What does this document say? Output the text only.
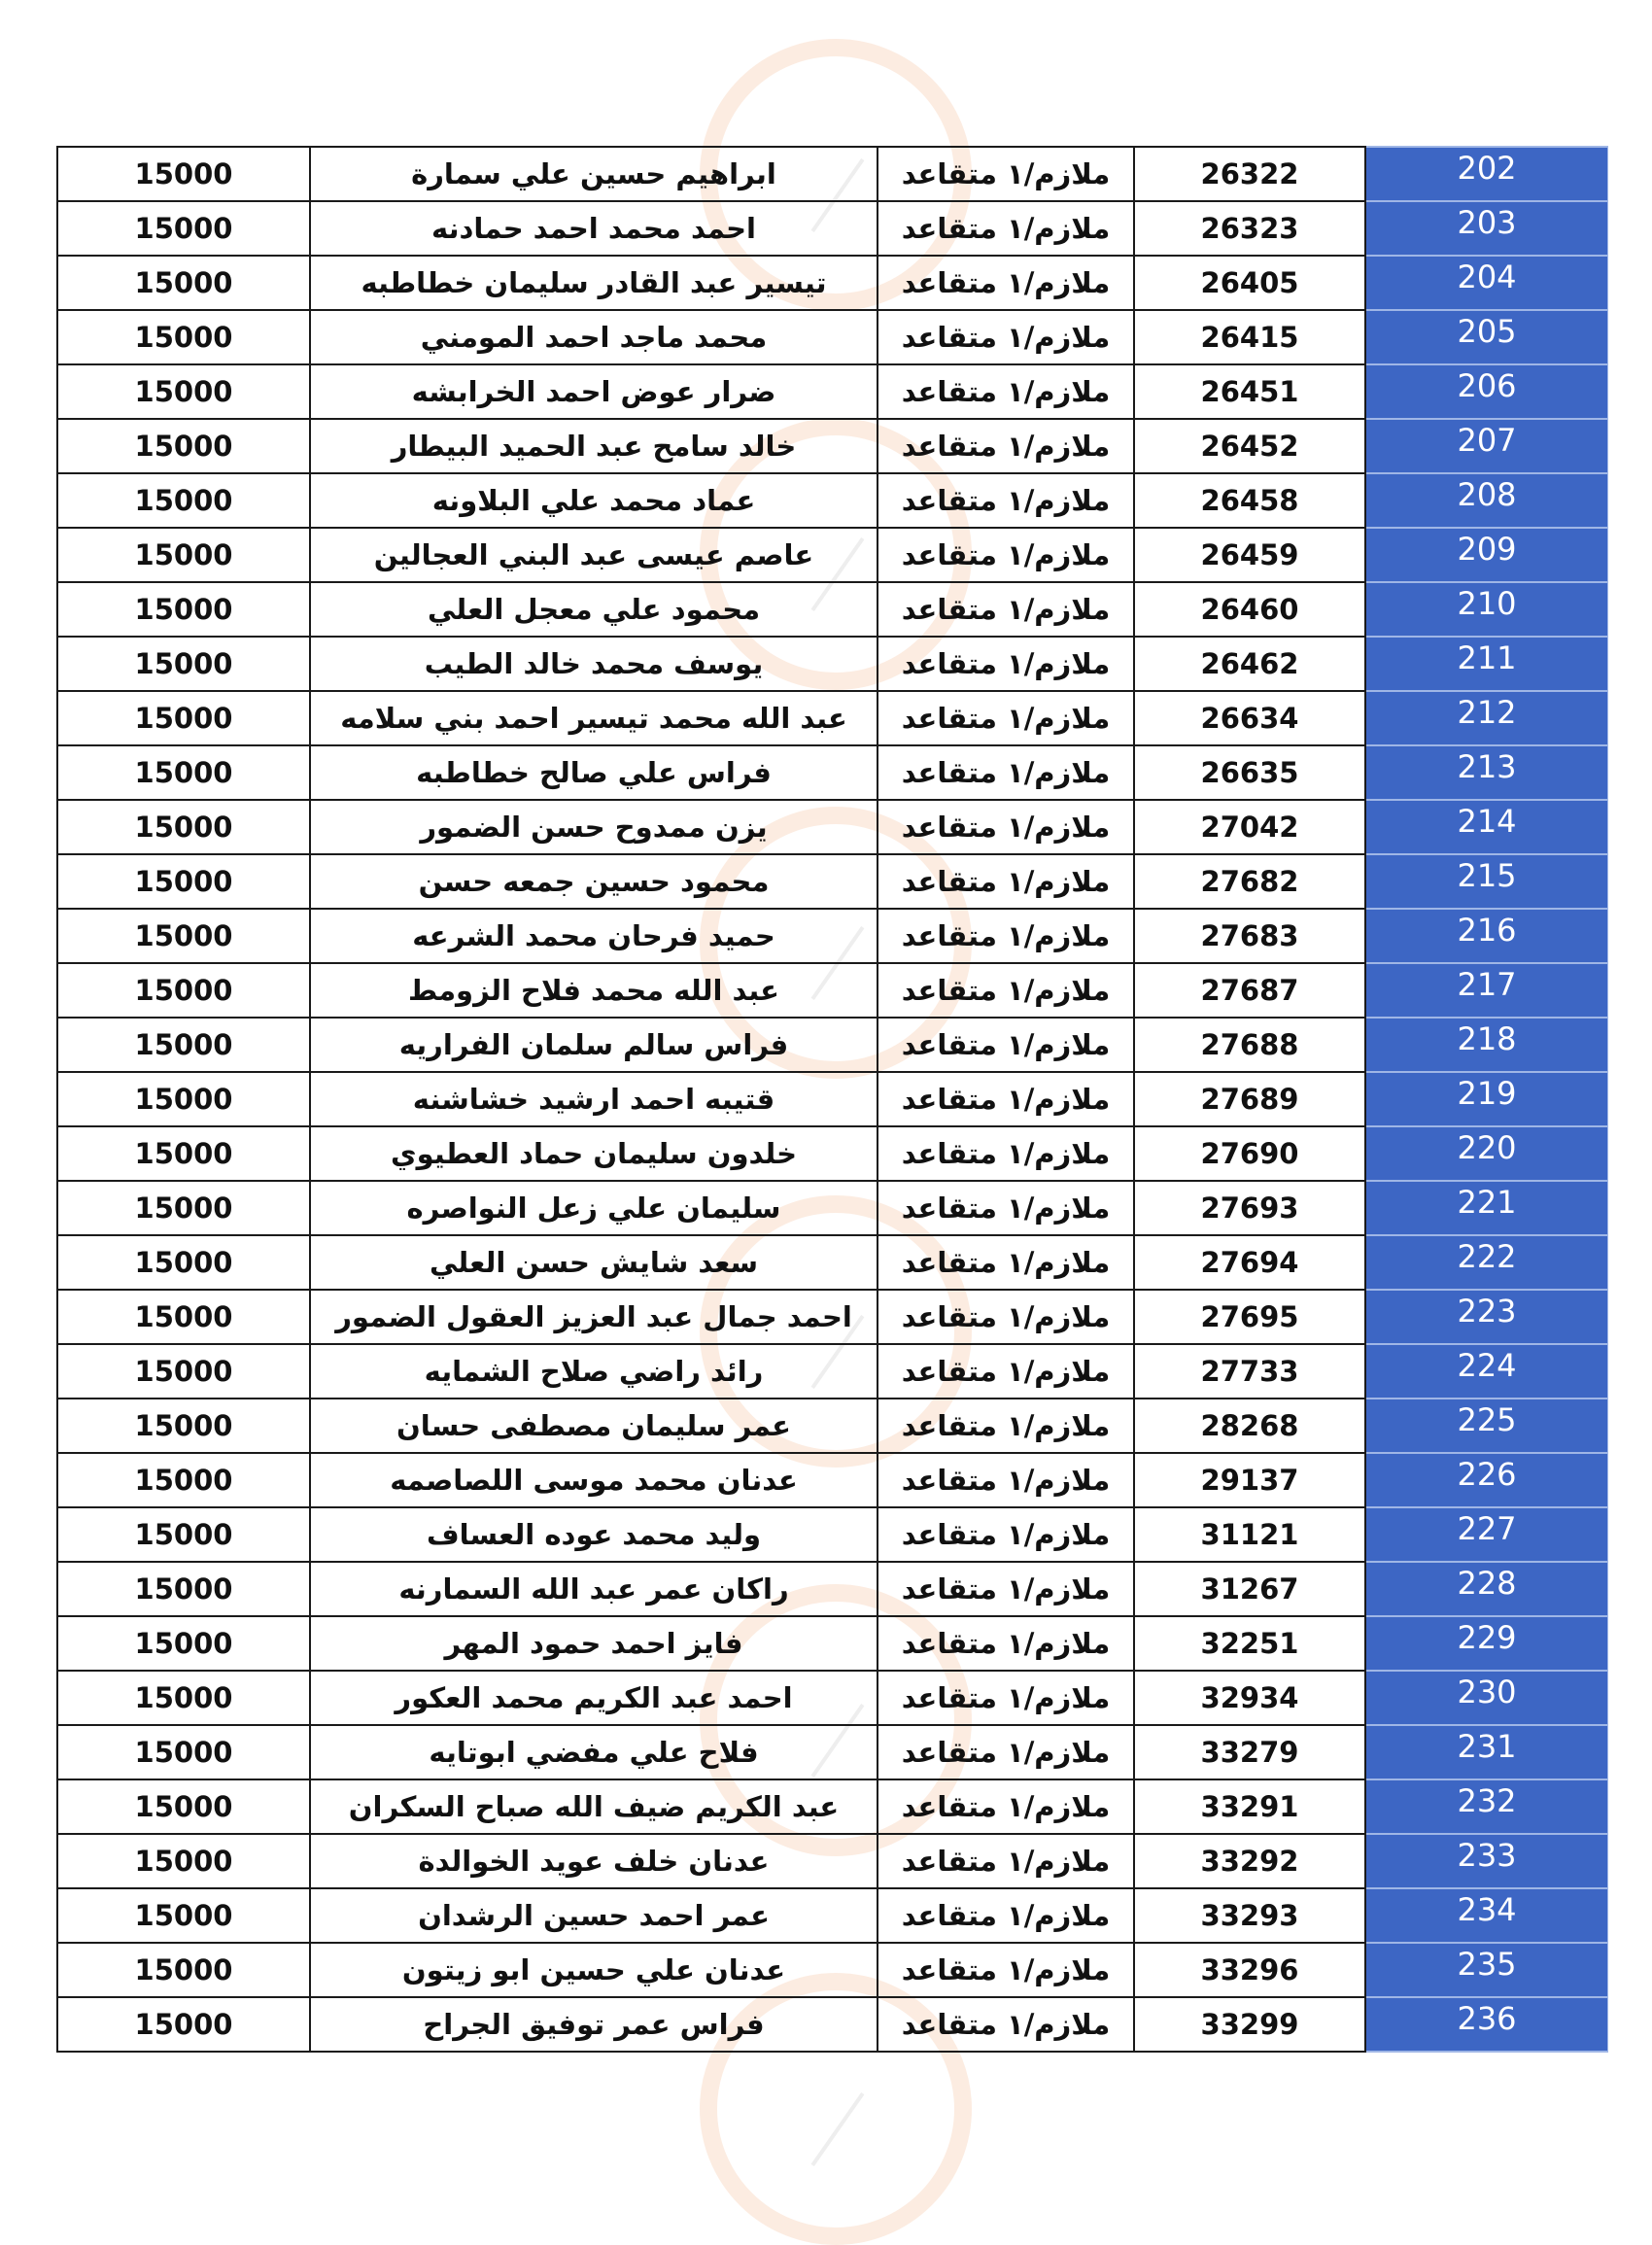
15000	ابراهيم حسين علي سمارة	ملازم/١ متقاعد	26322	202
15000	احمد محمد احمد حمادنه	ملازم/١ متقاعد	26323	203
15000	تيسير عبد القادر سليمان خطاطبه	ملازم/١ متقاعد	26405	204
15000	محمد ماجد احمد المومني	ملازم/١ متقاعد	26415	205
15000	ضرار عوض احمد الخرابشه	ملازم/١ متقاعد	26451	206
15000	خالد سامح عبد الحميد البيطار	ملازم/١ متقاعد	26452	207
15000	عماد محمد علي البلاونه	ملازم/١ متقاعد	26458	208
15000	عاصم عيسى عبد البني العجالين	ملازم/١ متقاعد	26459	209
15000	محمود علي معجل العلي	ملازم/١ متقاعد	26460	210
15000	يوسف محمد خالد الطيب	ملازم/١ متقاعد	26462	211
15000	عبد الله محمد تيسير احمد بني سلامه	ملازم/١ متقاعد	26634	212
15000	فراس علي صالح خطاطبه	ملازم/١ متقاعد	26635	213
15000	يزن ممدوح حسن الضمور	ملازم/١ متقاعد	27042	214
15000	محمود حسين جمعه حسن	ملازم/١ متقاعد	27682	215
15000	حميد فرحان محمد الشرعه	ملازم/١ متقاعد	27683	216
15000	عبد الله محمد فلاح الزومط	ملازم/١ متقاعد	27687	217
15000	فراس سالم سلمان الفراريه	ملازم/١ متقاعد	27688	218
15000	قتيبه احمد ارشيد خشاشنه	ملازم/١ متقاعد	27689	219
15000	خلدون سليمان حماد العطيوي	ملازم/١ متقاعد	27690	220
15000	سليمان علي زعل النواصره	ملازم/١ متقاعد	27693	221
15000	سعد شايش حسن العلي	ملازم/١ متقاعد	27694	222
15000	احمد جمال عبد العزيز العقول الضمور	ملازم/١ متقاعد	27695	223
15000	رائد راضي صلاح الشمايه	ملازم/١ متقاعد	27733	224
15000	عمر سليمان مصطفى حسان	ملازم/١ متقاعد	28268	225
15000	عدنان محمد موسى اللصاصمه	ملازم/١ متقاعد	29137	226
15000	وليد محمد عوده العساف	ملازم/١ متقاعد	31121	227
15000	راكان عمر عبد الله السمارنه	ملازم/١ متقاعد	31267	228
15000	فايز احمد حمود المهر	ملازم/١ متقاعد	32251	229
15000	احمد عبد الكريم محمد العكور	ملازم/١ متقاعد	32934	230
15000	فلاح علي مفضي ابوتايه	ملازم/١ متقاعد	33279	231
15000	عبد الكريم ضيف الله صباح السكران	ملازم/١ متقاعد	33291	232
15000	عدنان خلف عويد الخوالدة	ملازم/١ متقاعد	33292	233
15000	عمر احمد حسين الرشدان	ملازم/١ متقاعد	33293	234
15000	عدنان علي حسين ابو زيتون	ملازم/١ متقاعد	33296	235
15000	فراس عمر توفيق الجراح	ملازم/١ متقاعد	33299	236
